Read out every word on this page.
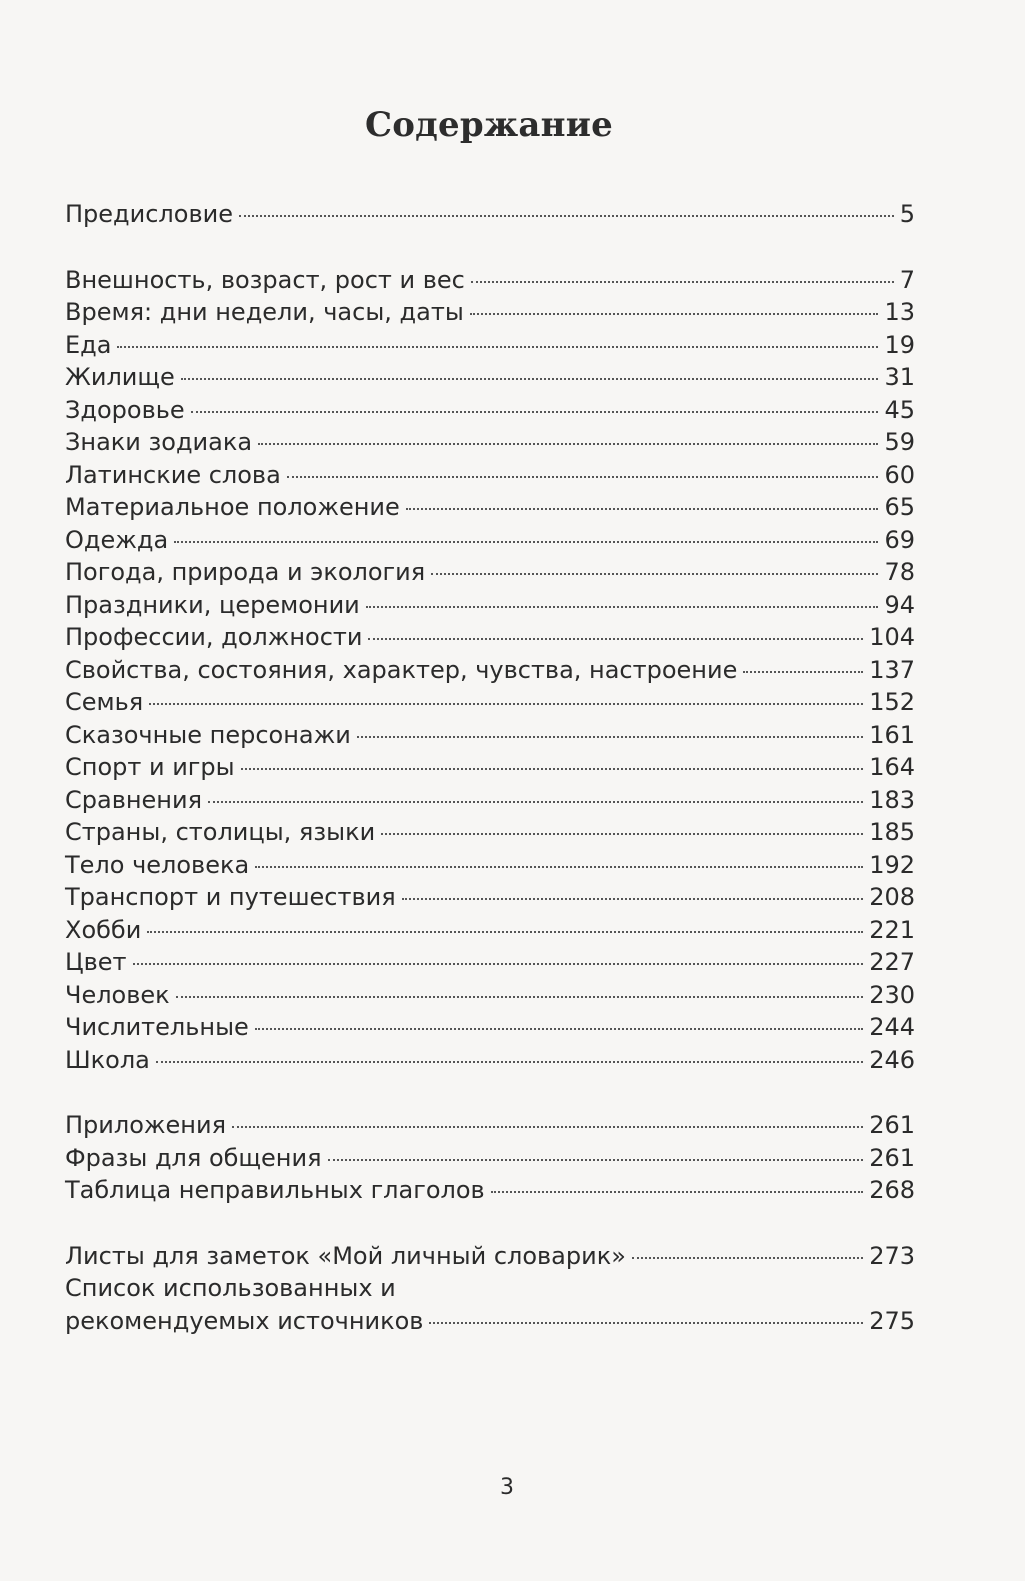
Содержание
Предисловие	5
Внешность, возраст, рост и вес	7
Время: дни недели, часы, даты	13
Еда	19
Жилище	31
Здоровье	45
Знаки зодиака	59
Латинские слова	60
Материальное положение	65
Одежда	69
Погода, природа и экология	78
Праздники, церемонии	94
Профессии, должности	104
Свойства, состояния, характер, чувства, настроение	137
Семья	152
Сказочные персонажи	161
Спорт и игры	164
Сравнения	183
Страны, столицы, языки	185
Тело человека	192
Транспорт и путешествия	208
Хобби	221
Цвет	227
Человек	230
Числительные	244
Школа	246
Приложения	261
Фразы для общения	261
Таблица неправильных глаголов	268
Листы для заметок «Мой личный словарик»	273
Список использованных и
рекомендуемых источников	275
3
